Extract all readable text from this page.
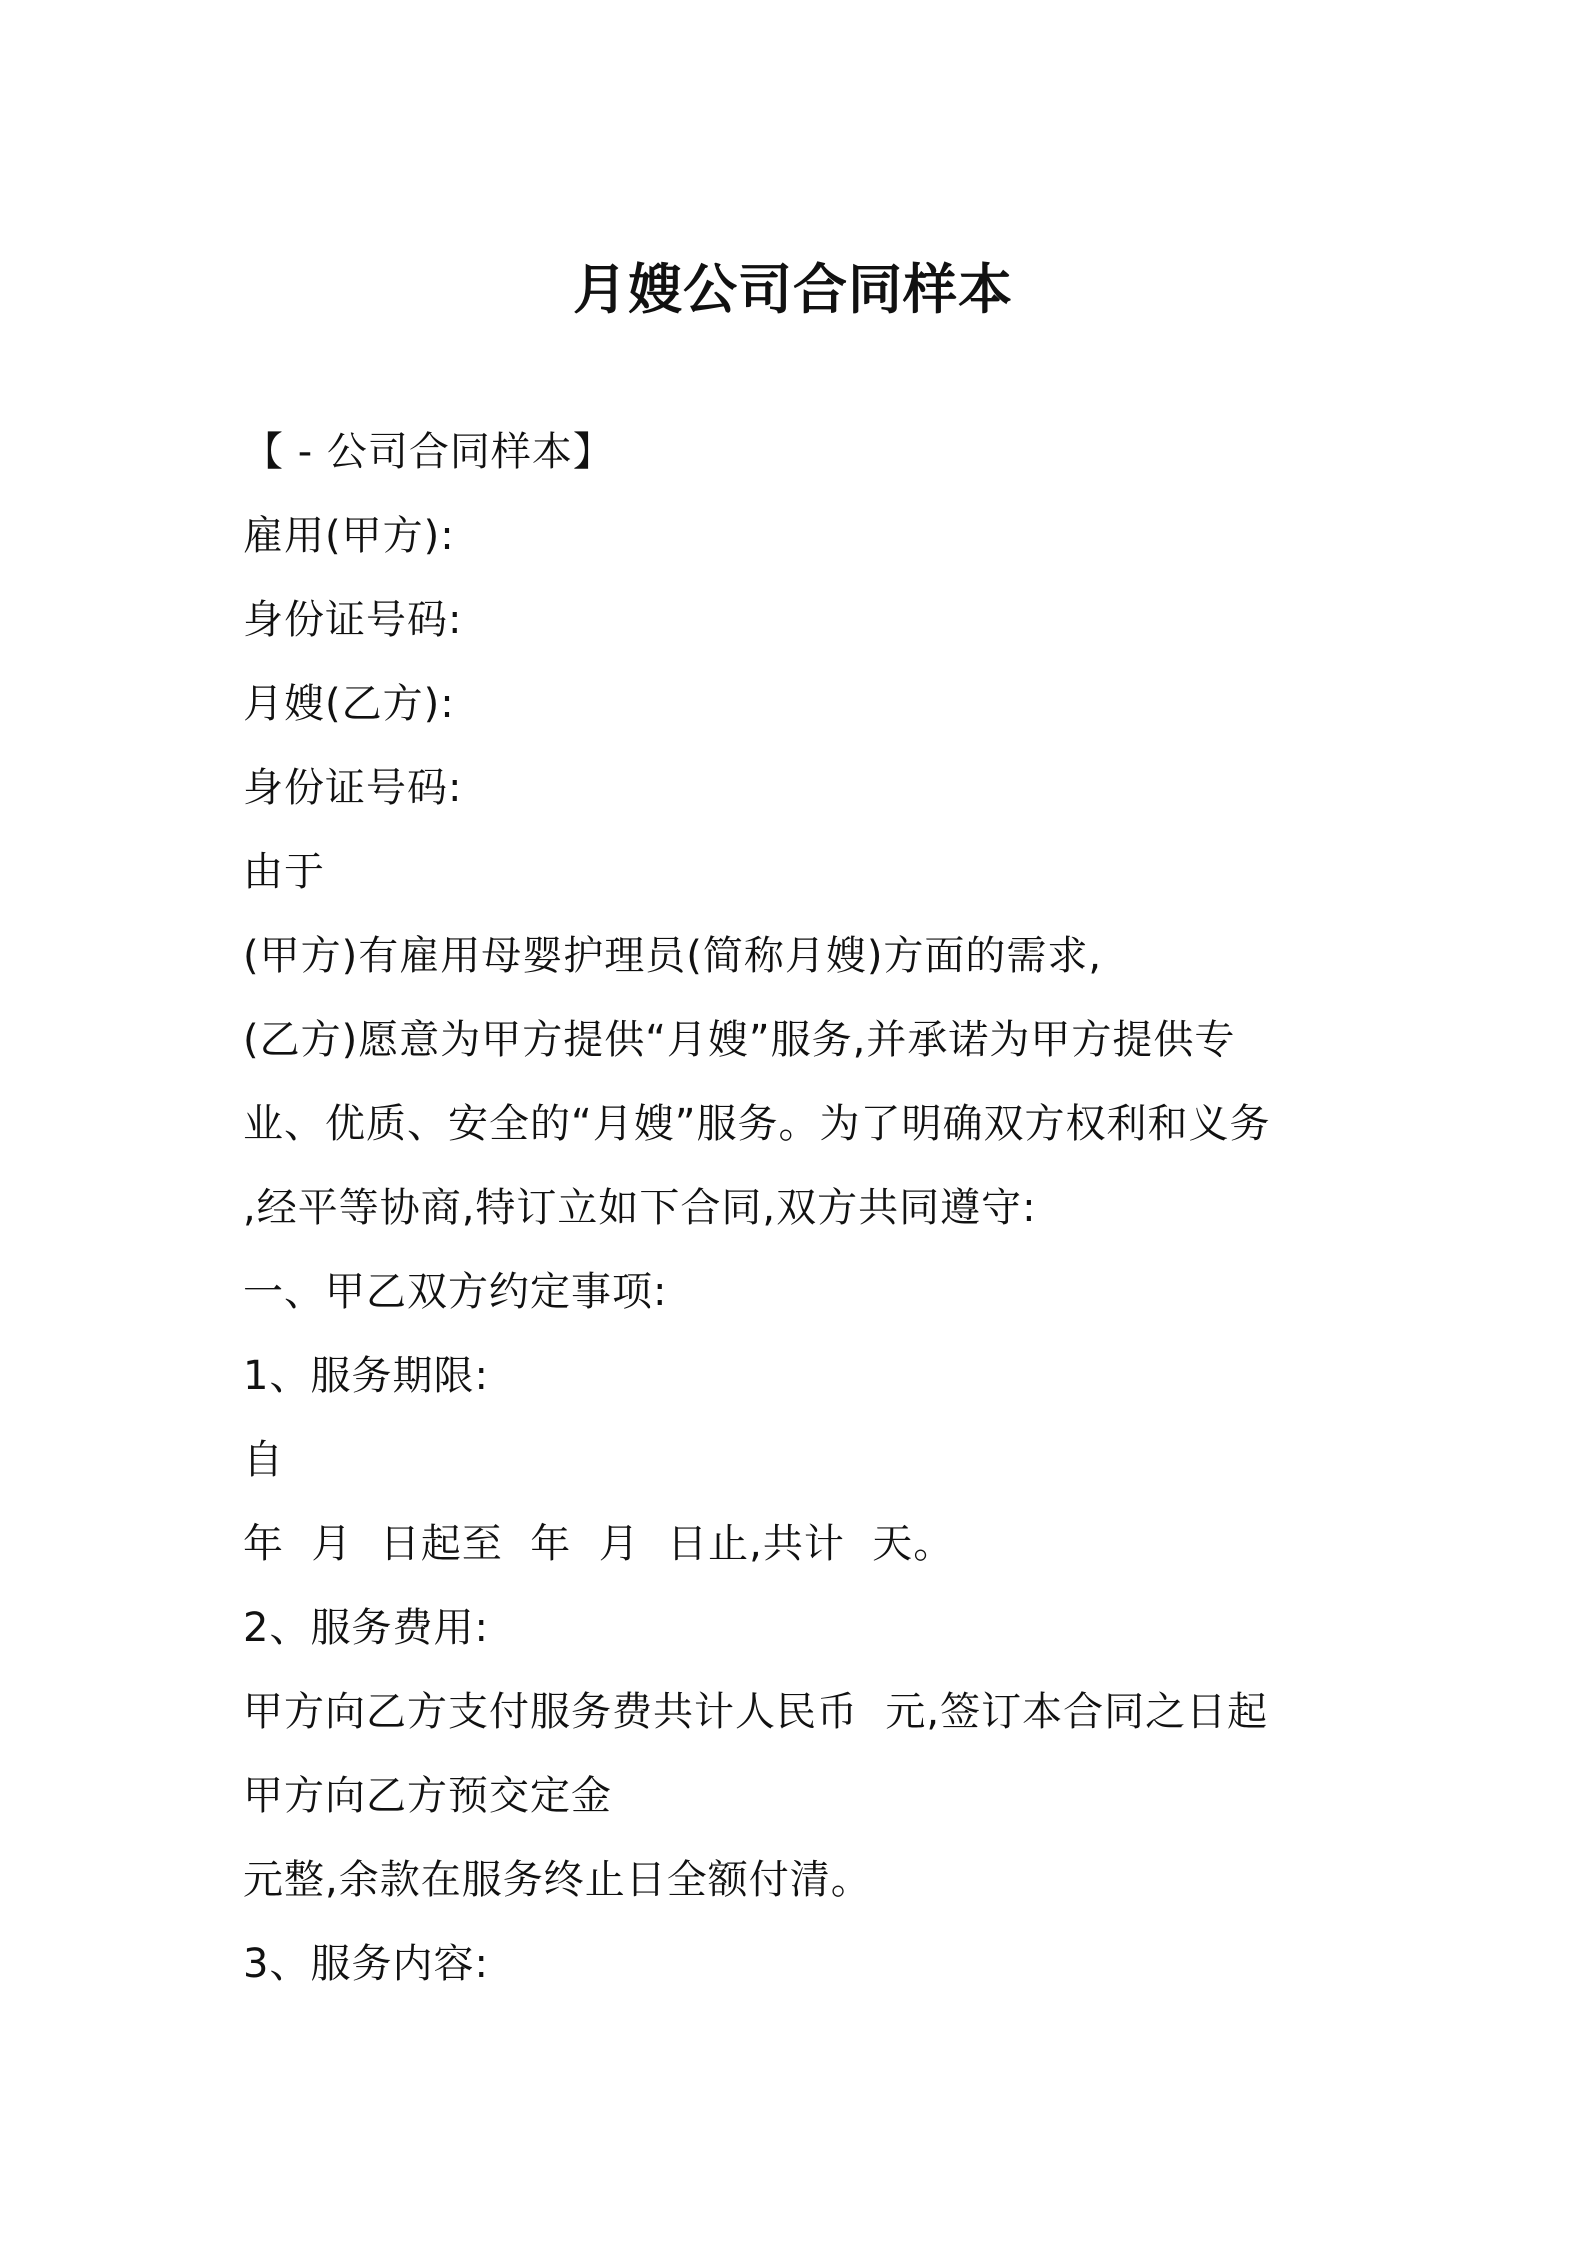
月嫂公司合同样本
【 - 公司合同样本】
雇用(甲方):
身份证号码:
月嫂(乙方):
身份证号码:
由于
(甲方)有雇用母婴护理员(简称月嫂)方面的需求,
(乙方)愿意为甲方提供“月嫂”服务,并承诺为甲方提供专
业、优质、安全的“月嫂”服务。为了明确双方权利和义务
,经平等协商,特订立如下合同,双方共同遵守:
一、甲乙双方约定事项:
1、服务期限:
自
年  月  日起至  年  月  日止,共计  天。
2、服务费用:
甲方向乙方支付服务费共计人民币  元,签订本合同之日起
甲方向乙方预交定金
元整,余款在服务终止日全额付清。
3、服务内容:
